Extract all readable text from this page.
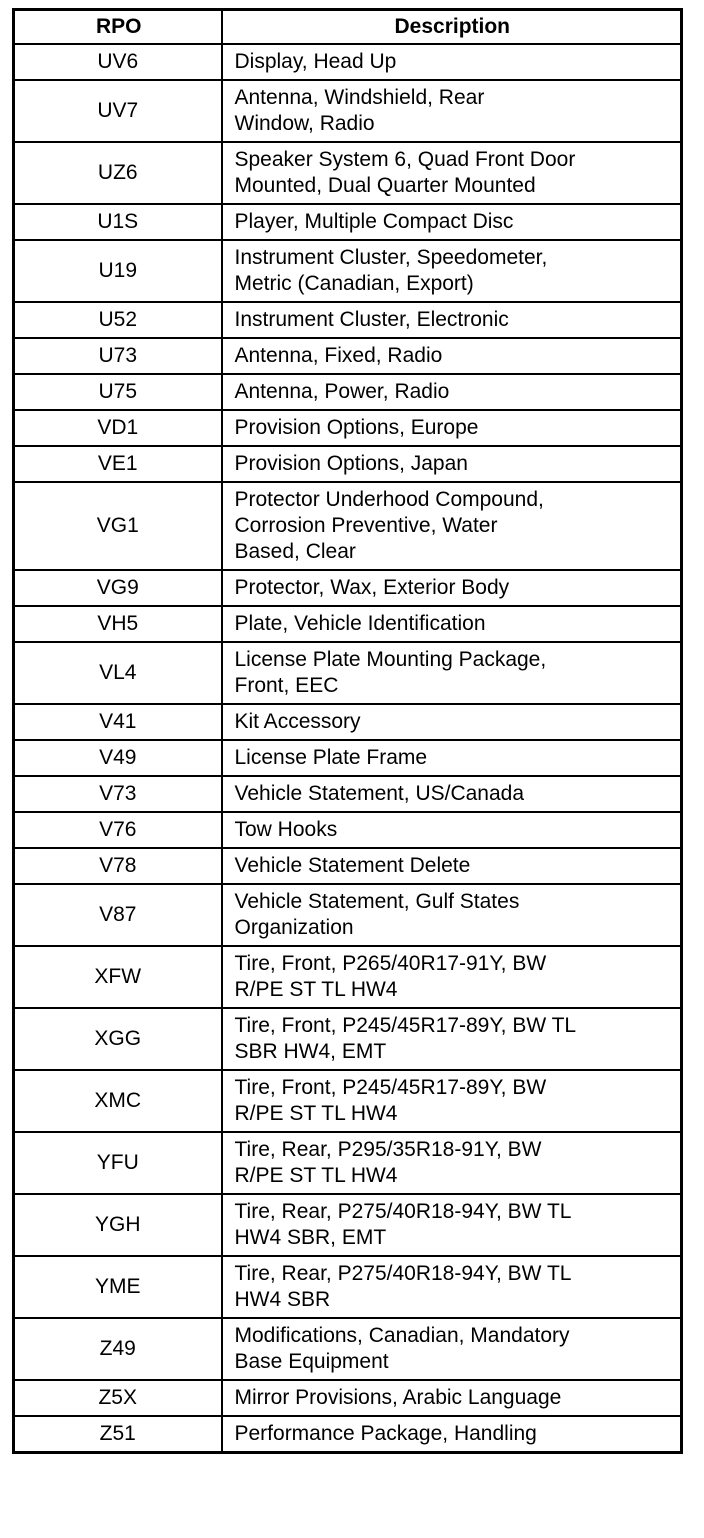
RPO	Description
UV6	Display, Head Up
UV7	Antenna, Windshield, Rear
Window, Radio
UZ6	Speaker System 6, Quad Front Door
Mounted, Dual Quarter Mounted
U1S	Player, Multiple Compact Disc
U19	Instrument Cluster, Speedometer,
Metric (Canadian, Export)
U52	Instrument Cluster, Electronic
U73	Antenna, Fixed, Radio
U75	Antenna, Power, Radio
VD1	Provision Options, Europe
VE1	Provision Options, Japan
VG1	Protector Underhood Compound,
Corrosion Preventive, Water
Based, Clear
VG9	Protector, Wax, Exterior Body
VH5	Plate, Vehicle Identification
VL4	License Plate Mounting Package,
Front, EEC
V41	Kit Accessory
V49	License Plate Frame
V73	Vehicle Statement, US/Canada
V76	Tow Hooks
V78	Vehicle Statement Delete
V87	Vehicle Statement, Gulf States
Organization
XFW	Tire, Front, P265/40R17-91Y, BW
R/PE ST TL HW4
XGG	Tire, Front, P245/45R17-89Y, BW TL
SBR HW4, EMT
XMC	Tire, Front, P245/45R17-89Y, BW
R/PE ST TL HW4
YFU	Tire, Rear, P295/35R18-91Y, BW
R/PE ST TL HW4
YGH	Tire, Rear, P275/40R18-94Y, BW TL
HW4 SBR, EMT
YME	Tire, Rear, P275/40R18-94Y, BW TL
HW4 SBR
Z49	Modifications, Canadian, Mandatory
Base Equipment
Z5X	Mirror Provisions, Arabic Language
Z51	Performance Package, Handling
